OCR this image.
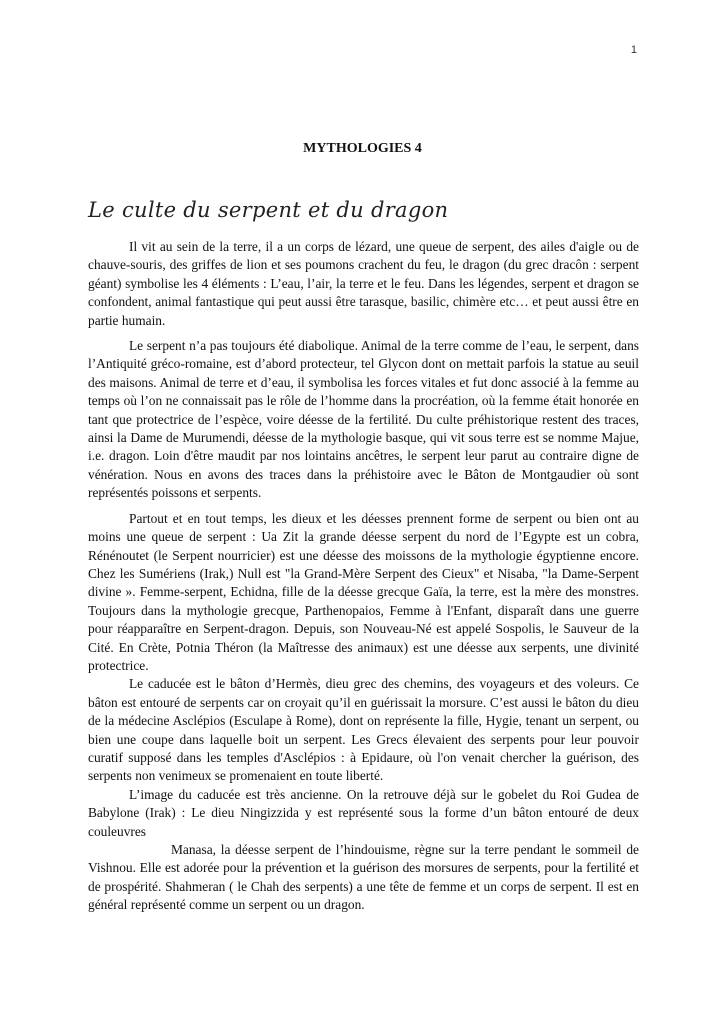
1
MYTHOLOGIES 4
Le culte du serpent et du dragon

Il vit au sein de la terre, il a un corps de lézard, une queue de serpent, des ailes d'aigle ou de chauve-souris, des griffes de lion et ses poumons crachent du feu, le dragon (du grec dracôn : serpent géant) symbolise les 4 éléments : L’eau, l’air, la terre et le feu. Dans les légendes, serpent et dragon se confondent, animal fantastique qui peut aussi être tarasque, basilic, chimère etc… et peut aussi être en partie humain.

Le serpent n’a pas toujours été diabolique. Animal de la terre comme de l’eau, le serpent, dans l’Antiquité gréco-romaine, est d’abord protecteur, tel Glycon dont on mettait parfois la statue au seuil des maisons. Animal de terre et d’eau, il symbolisa les forces vitales et fut donc associé à la femme au temps où l’on ne connaissait pas le rôle de l’homme dans la procréation, où la femme était honorée en tant que protectrice de l’espèce, voire déesse de la fertilité. Du culte préhistorique restent des traces, ainsi la Dame de Murumendi, déesse de la mythologie basque, qui vit sous terre est se nomme Majue, i.e. dragon. Loin d'être maudit par nos lointains ancêtres, le serpent leur parut au contraire digne de vénération. Nous en avons des traces dans la préhistoire avec le Bâton de Montgaudier où sont représentés poissons et serpents.

Partout et en tout temps, les dieux et les déesses prennent forme de serpent ou bien ont au moins une queue de serpent : Ua Zit la grande déesse serpent du nord de l’Egypte est un cobra, Rénénoutet (le Serpent nourricier) est une déesse des moissons de la mythologie égyptienne encore. Chez les Sumériens (Irak,) Null est "la Grand-Mère Serpent des Cieux" et Nisaba, "la Dame-Serpent divine ». Femme-serpent, Echidna, fille de la déesse grecque Gaïa, la terre, est la mère des monstres. Toujours dans la mythologie grecque, Parthenopaios, Femme à l'Enfant, disparaît dans une guerre pour réapparaître en Serpent-dragon. Depuis, son Nouveau-Né est appelé Sospolis, le Sauveur de la Cité. En Crète, Potnia Théron (la Maîtresse des animaux) est une déesse aux serpents, une divinité protectrice.

Le caducée est le bâton d’Hermès, dieu grec des chemins, des voyageurs et des voleurs. Ce bâton est entouré de serpents car on croyait qu’il en guérissait la morsure. C’est aussi le bâton du dieu de la médecine Asclépios (Esculape à Rome), dont on représente la fille, Hygie, tenant un serpent, ou bien une coupe dans laquelle boit un serpent. Les Grecs élevaient des serpents pour leur pouvoir curatif supposé dans les temples d'Asclépios : à Epidaure, où l'on venait chercher la guérison, des serpents non venimeux se promenaient en toute liberté.

L’image du caducée est très ancienne. On la retrouve déjà sur le gobelet du Roi Gudea de Babylone (Irak) : Le dieu Ningizzida y est représenté sous la forme d’un bâton entouré de deux couleuvres

Manasa, la déesse serpent de l’hindouisme, règne sur la terre pendant le sommeil de Vishnou. Elle est adorée pour la prévention et la guérison des morsures de serpents, pour la fertilité et de prospérité. Shahmeran ( le Chah des serpents) a une tête de femme et un corps de serpent. Il est en général représenté comme un serpent ou un dragon.
